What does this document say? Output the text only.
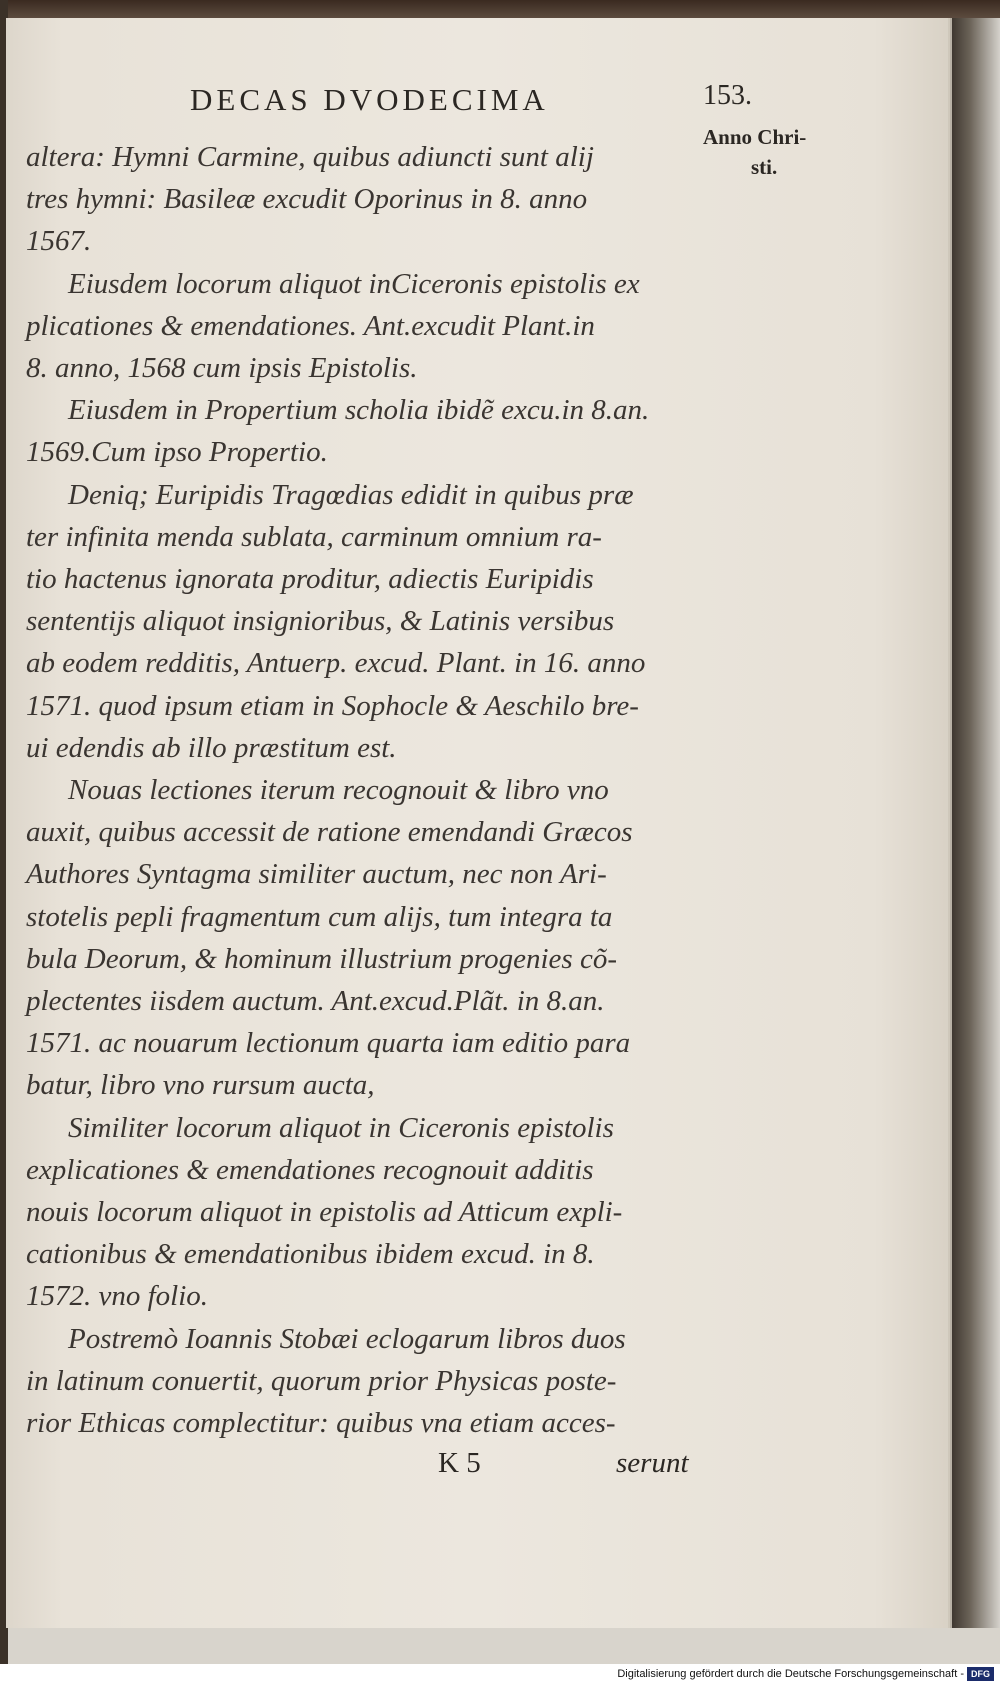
DECAS DVODECIMA	153.
Anno Chri-
sti.
altera: Hymni Carmine, quibus adiuncti sunt alij
tres hymni: Basileæ excudit Oporinus in 8. anno
1567.
Eiusdem locorum aliquot inCiceronis epistolis ex
plicationes & emendationes. Ant.excudit Plant.in
8. anno, 1568 cum ipsis Epistolis.
Eiusdem in Propertium scholia ibidẽ excu.in 8.an.
1569.Cum ipso Propertio.
Deniq; Euripidis Tragœdias edidit in quibus præ
ter infinita menda sublata, carminum omnium ra-
tio hactenus ignorata proditur, adiectis Euripidis
sententijs aliquot insignioribus, & Latinis versibus
ab eodem redditis, Antuerp. excud. Plant. in 16. anno
1571. quod ipsum etiam in Sophocle & Aeschilo bre-
ui edendis ab illo præstitum est.
Nouas lectiones iterum recognouit & libro vno
auxit, quibus accessit de ratione emendandi Græcos
Authores Syntagma similiter auctum, nec non Ari-
stotelis pepli fragmentum cum alijs, tum integra ta
bula Deorum, & hominum illustrium progenies cõ-
plectentes iisdem auctum. Ant.excud.Plãt. in 8.an.
1571. ac nouarum lectionum quarta iam editio para
batur, libro vno rursum aucta,
Similiter locorum aliquot in Ciceronis epistolis
explicationes & emendationes recognouit additis
nouis locorum aliquot in epistolis ad Atticum expli-
cationibus & emendationibus ibidem excud. in 8.
1572. vno folio.
Postremò Ioannis Stobæi eclogarum libros duos
in latinum conuertit, quorum prior Physicas poste-
rior Ethicas complectitur: quibus vna etiam acces-
K 5	serunt
Digitalisierung gefördert durch die Deutsche Forschungsgemeinschaft - DFG
